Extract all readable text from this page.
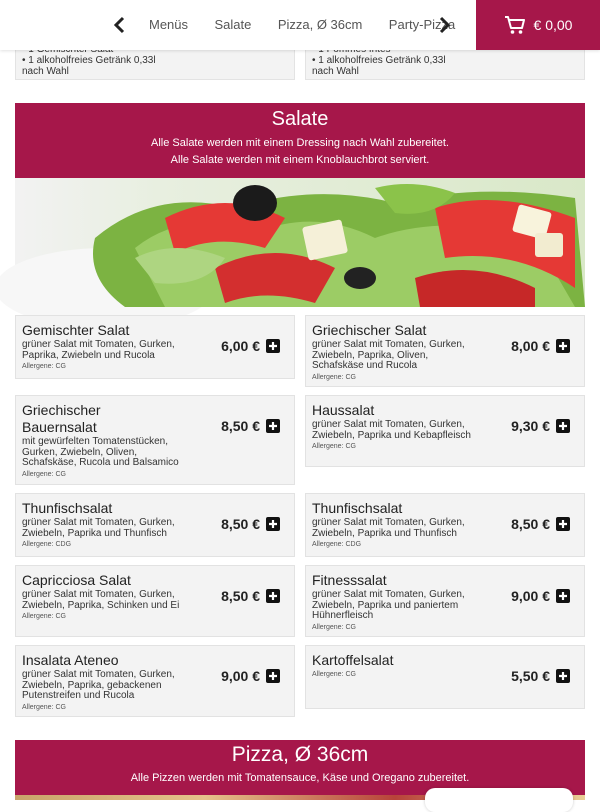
Menüs Salate Pizza, Ø 36cm Party-Pizza	€ 0,00
• 1 alkoholfreies Getränk 0,33l
nach Wahl
• 1 alkoholfreies Getränk 0,33l
nach Wahl
Salate
Alle Salate werden mit einem Dressing nach Wahl zubereitet.
Alle Salate werden mit einem Knoblauchbrot serviert.
Gemischter Salat
grüner Salat mit Tomaten, Gurken, Paprika, Zwiebeln und Rucola
Allergene: CG
6,00 €
Griechischer Salat
grüner Salat mit Tomaten, Gurken, Zwiebeln, Paprika, Oliven, Schafskäse und Rucola
Allergene: CG
8,00 €
Griechischer Bauernsalat
mit gewürfelten Tomatenstücken, Gurken, Zwiebeln, Oliven, Schafskäse, Rucola und Balsamico
Allergene: CG
8,50 €
Haussalat
grüner Salat mit Tomaten, Gurken, Zwiebeln, Paprika und Kebapfleisch
Allergene: CG
9,30 €
Thunfischsalat
grüner Salat mit Tomaten, Gurken, Zwiebeln, Paprika und Thunfisch
Allergene: CDG
8,50 €
Thunfischsalat
grüner Salat mit Tomaten, Gurken, Zwiebeln, Paprika und Thunfisch
Allergene: CDG
8,50 €
Capricciosa Salat
grüner Salat mit Tomaten, Gurken, Zwiebeln, Paprika, Schinken und Ei
Allergene: CG
8,50 €
Fitnesssalat
grüner Salat mit Tomaten, Gurken, Zwiebeln, Paprika und paniertem Hühnerfleisch
Allergene: CG
9,00 €
Insalata Ateneo
grüner Salat mit Tomaten, Gurken, Zwiebeln, Paprika, gebackenen Putenstreifen und Rucola
Allergene: CG
9,00 €
Kartoffelsalat
Allergene: CG	5,50 €
Pizza, Ø 36cm
Alle Pizzen werden mit Tomatensauce, Käse und Oregano zubereitet.
